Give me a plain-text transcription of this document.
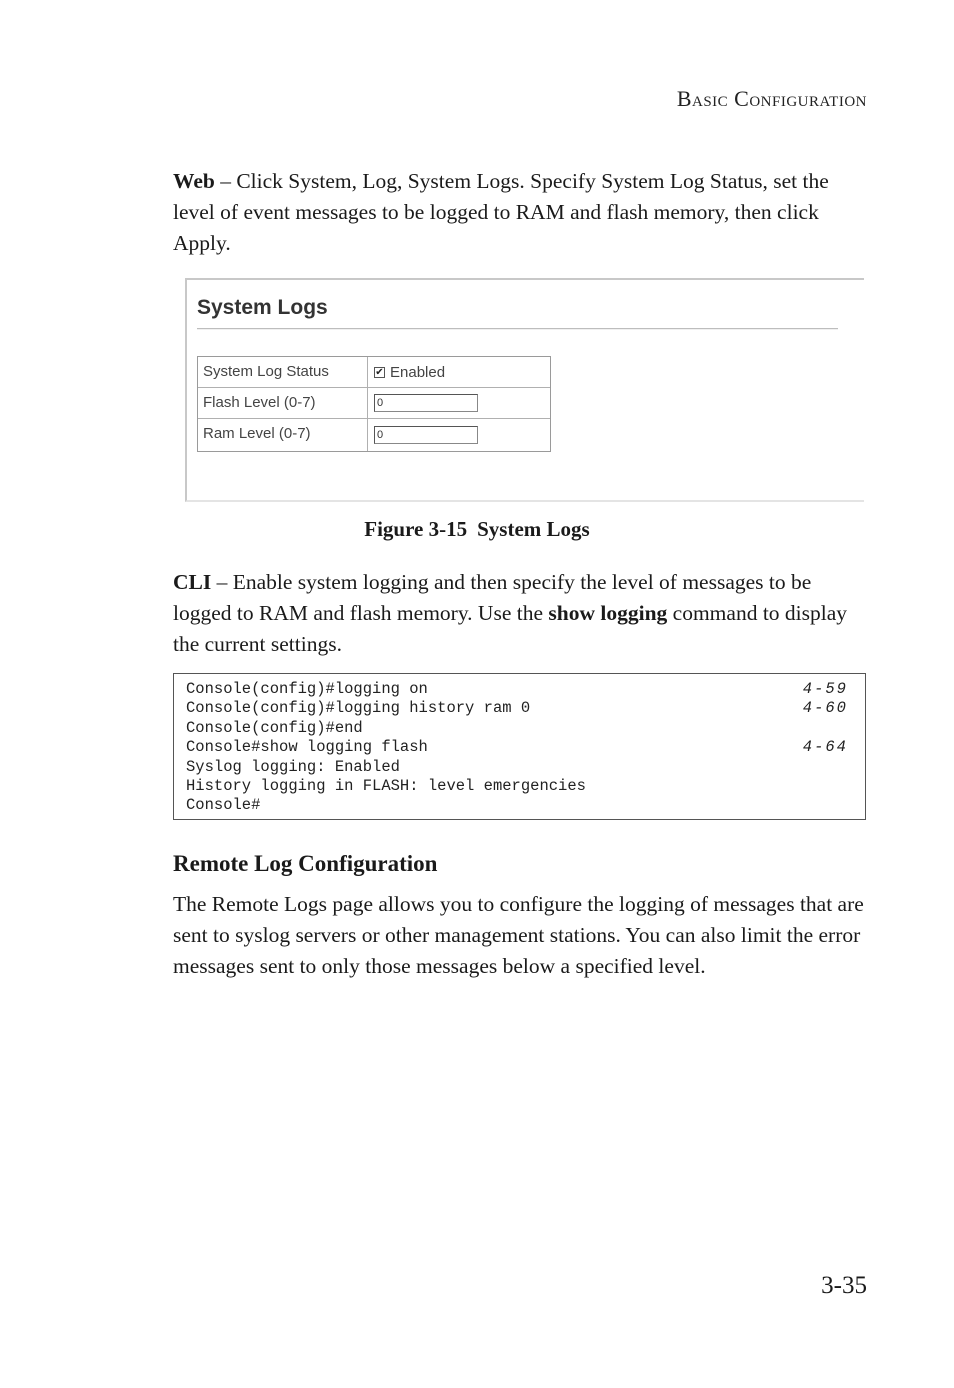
Basic Configuration

Web – Click System, Log, System Logs. Specify System Log Status, set the level of event messages to be logged to RAM and flash memory, then click Apply.

System Logs
System Log Status	✔ Enabled
Flash Level (0-7)	0
Ram Level (0-7)	0
Figure 3-15 System Logs

CLI – Enable system logging and then specify the level of messages to be logged to RAM and flash memory. Use the show logging command to display the current settings.

Console(config)#logging on	4-59
Console(config)#logging history ram 0	4-60
Console(config)#end
Console#show logging flash	4-64
Syslog logging: Enabled
History logging in FLASH: level emergencies
Console#
Remote Log Configuration

The Remote Logs page allows you to configure the logging of messages that are sent to syslog servers or other management stations. You can also limit the error messages sent to only those messages below a specified level.

3-35
